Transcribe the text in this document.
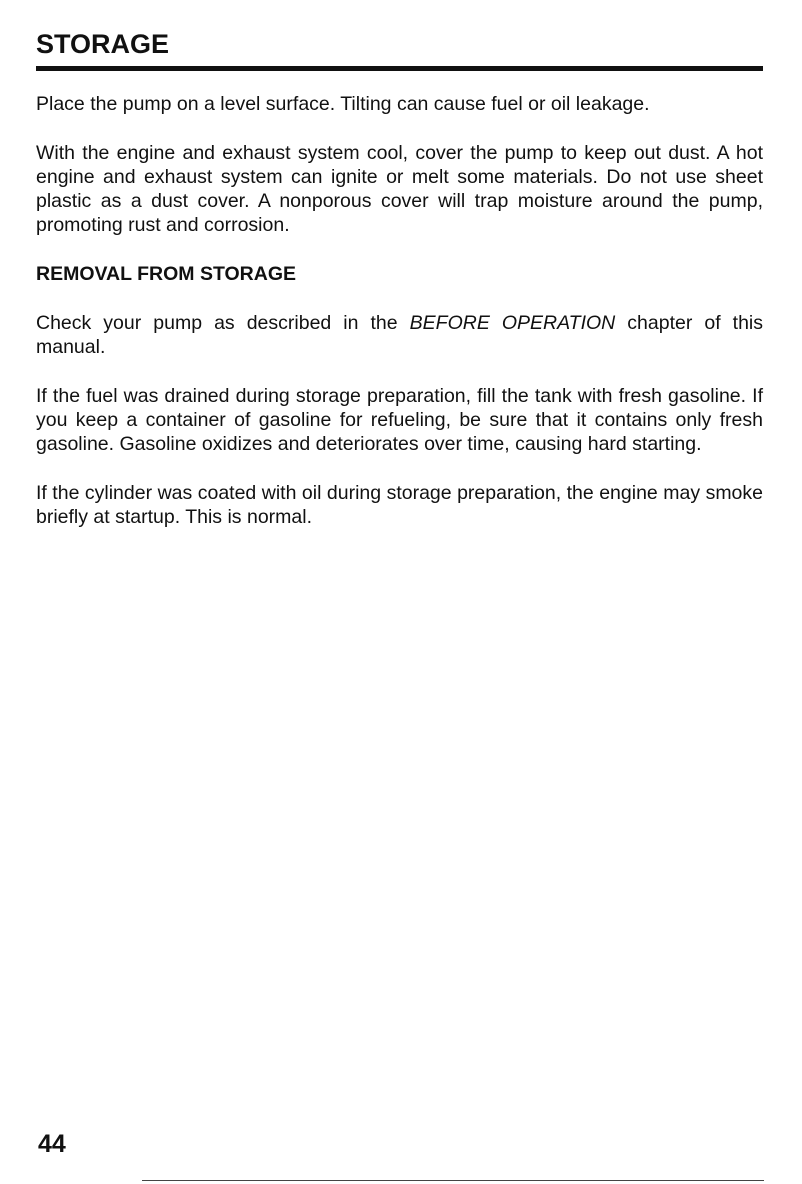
STORAGE

Place the pump on a level surface. Tilting can cause fuel or oil leakage.

With the engine and exhaust system cool, cover the pump to keep out dust. A hot engine and exhaust system can ignite or melt some materials. Do not use sheet plastic as a dust cover. A nonporous cover will trap moisture around the pump, promoting rust and corrosion.

REMOVAL FROM STORAGE

Check your pump as described in the BEFORE OPERATION chapter of this manual.

If the fuel was drained during storage preparation, fill the tank with fresh gasoline. If you keep a container of gasoline for refueling, be sure that it contains only fresh gasoline. Gasoline oxidizes and deteriorates over time, causing hard starting.

If the cylinder was coated with oil during storage preparation, the engine may smoke briefly at startup. This is normal.

44
